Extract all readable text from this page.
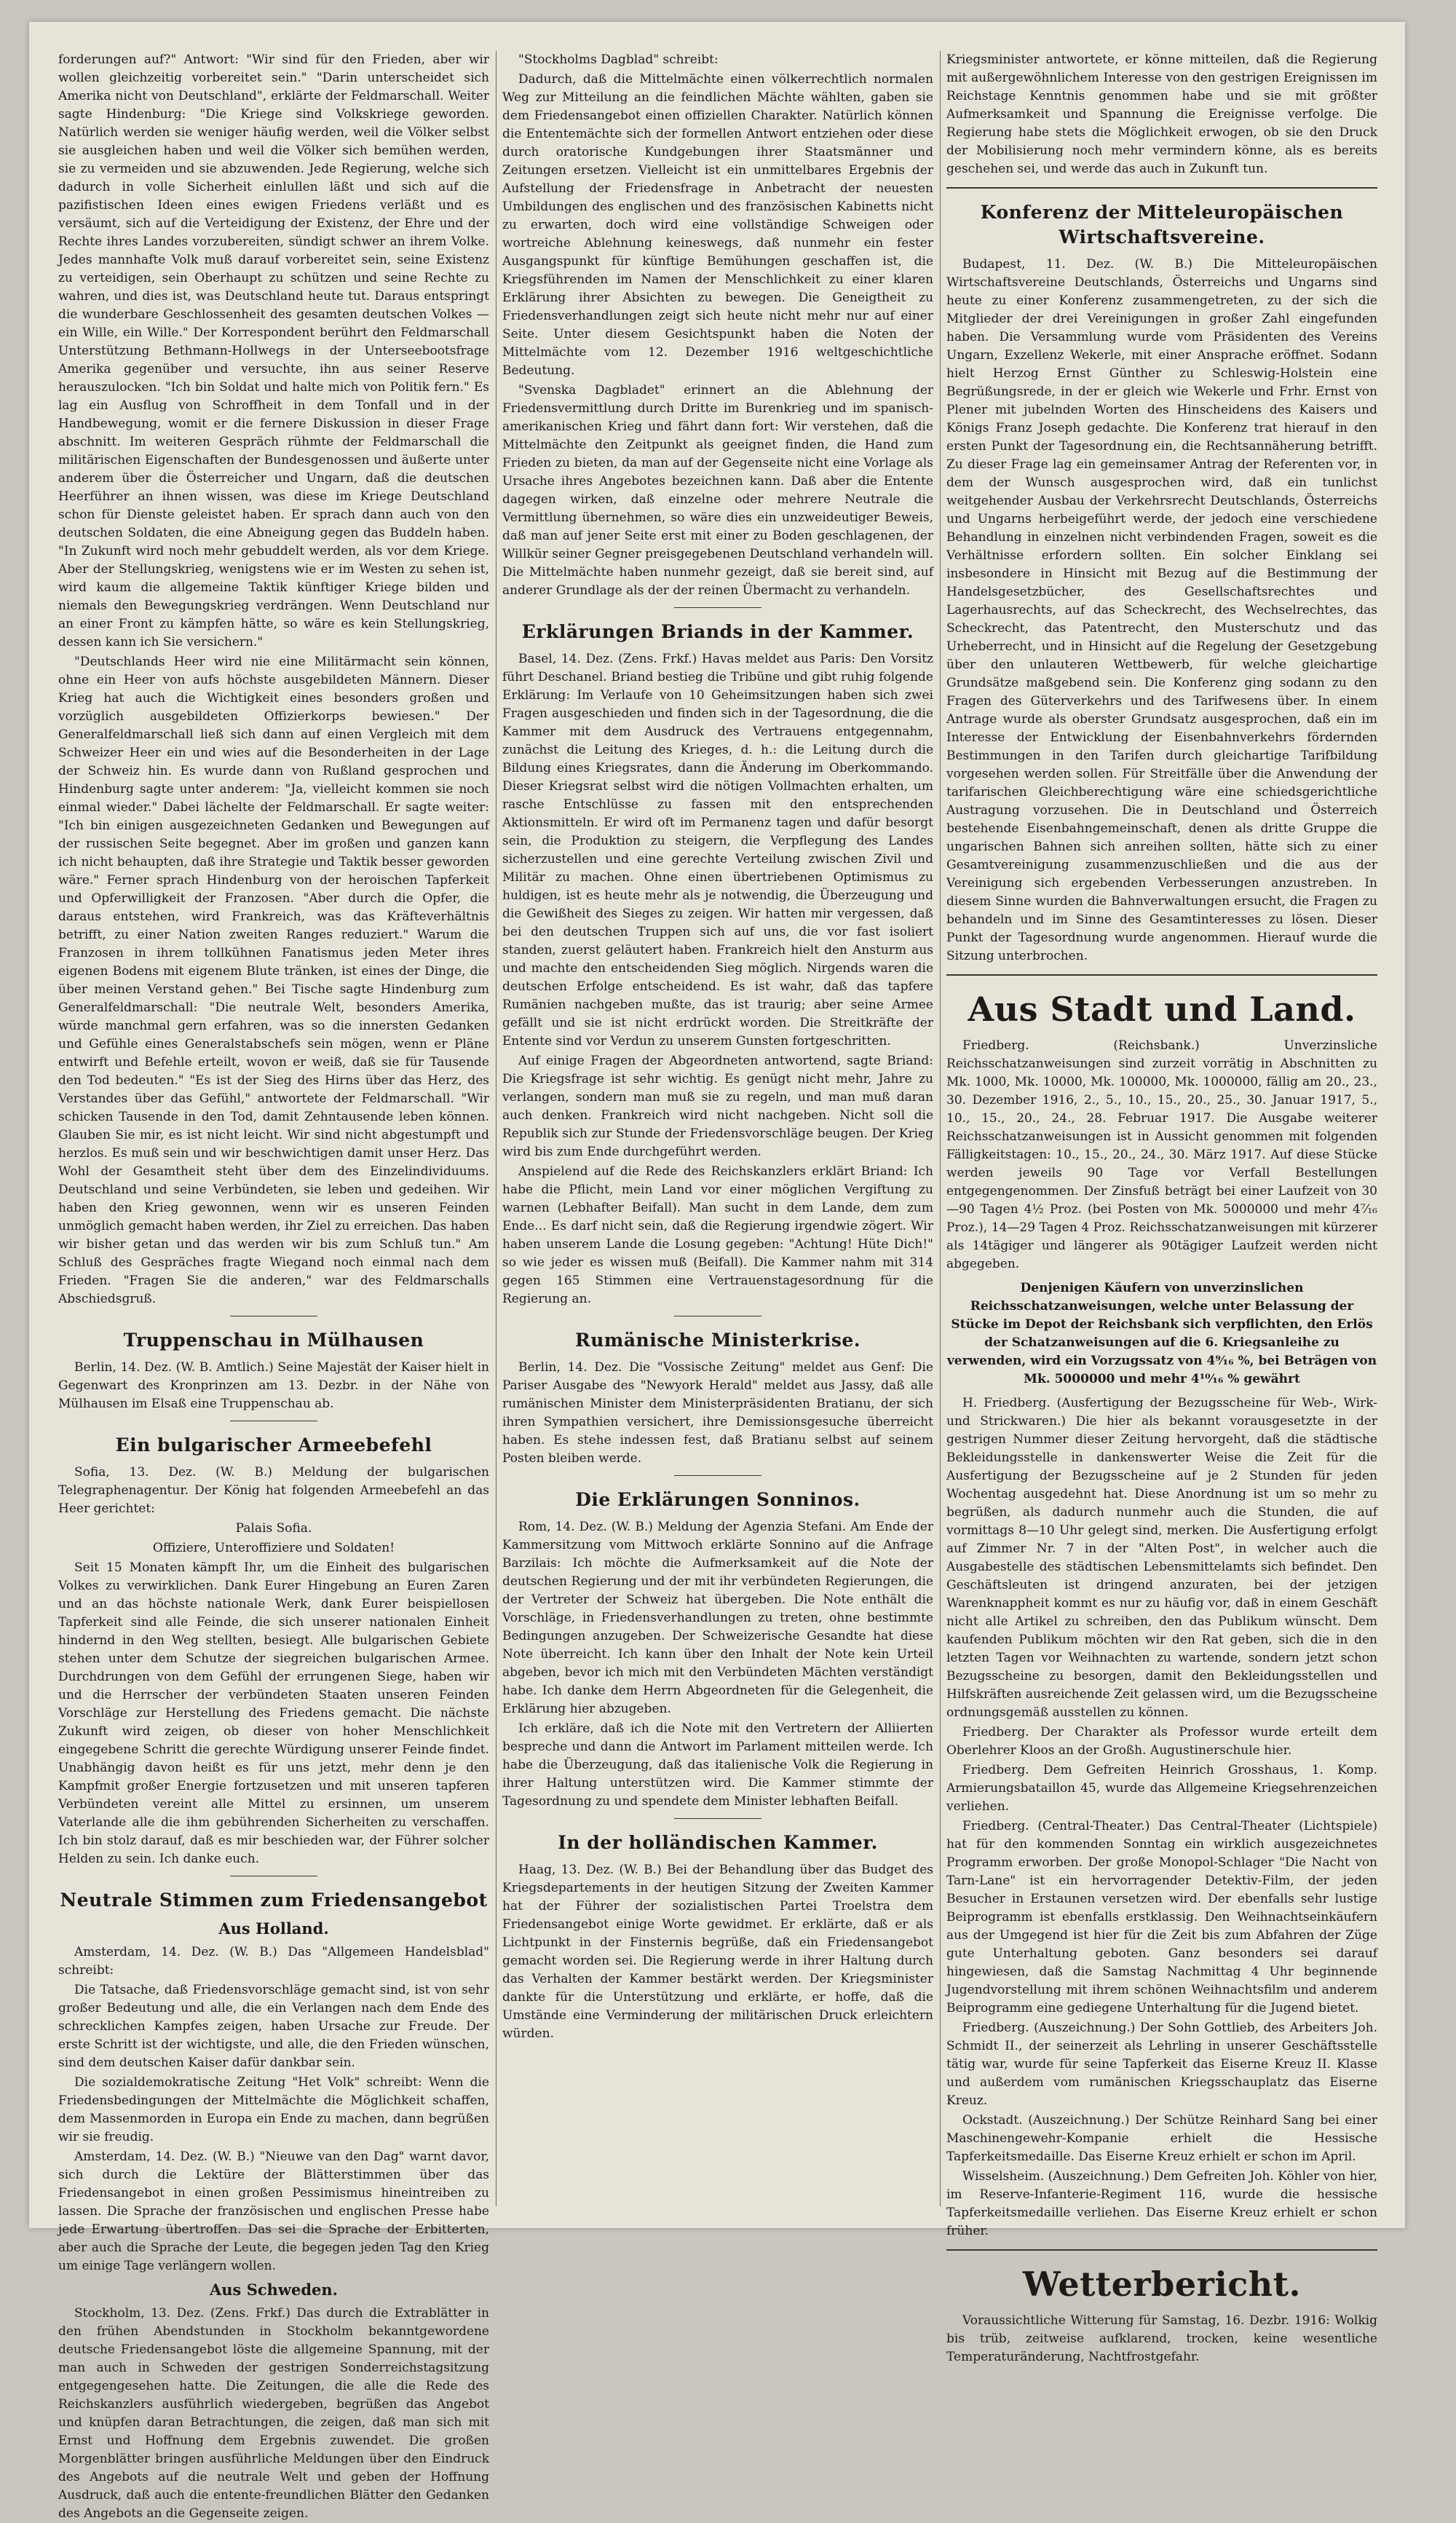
forderungen auf?" Antwort: "Wir sind für den Frieden, aber wir wollen gleichzeitig vorbereitet sein." "Darin unterscheidet sich Amerika nicht von Deutschland", erklärte der Feldmarschall. Weiter sagte Hindenburg: "Die Kriege sind Volkskriege geworden. Natürlich werden sie weniger häufig werden, weil die Völker selbst sie ausgleichen haben und weil die Völker sich bemühen werden, sie zu vermeiden und sie abzuwenden. Jede Regierung, welche sich dadurch in volle Sicherheit einlullen läßt und sich auf die pazifistischen Ideen eines ewigen Friedens verläßt und es versäumt, sich auf die Verteidigung der Existenz, der Ehre und der Rechte ihres Landes vorzubereiten, sündigt schwer an ihrem Volke. Jedes mannhafte Volk muß darauf vorbereitet sein, seine Existenz zu verteidigen, sein Oberhaupt zu schützen und seine Rechte zu wahren, und dies ist, was Deutschland heute tut. Daraus entspringt die wunderbare Geschlossenheit des gesamten deutschen Volkes — ein Wille, ein Wille." Der Korrespondent berührt den Feldmarschall Unterstützung Bethmann-Hollwegs in der Unterseebootsfrage Amerika gegenüber und versuchte, ihn aus seiner Reserve herauszulocken. "Ich bin Soldat und halte mich von Politik fern." Es lag ein Ausflug von Schroffheit in dem Tonfall und in der Handbewegung, womit er die fernere Diskussion in dieser Frage abschnitt. Im weiteren Gespräch rühmte der Feldmarschall die militärischen Eigenschaften der Bundesgenossen und äußerte unter anderem über die Österreicher und Ungarn, daß die deutschen Heerführer an ihnen wissen, was diese im Kriege Deutschland schon für Dienste geleistet haben. Er sprach dann auch von den deutschen Soldaten, die eine Abneigung gegen das Buddeln haben. "In Zukunft wird noch mehr gebuddelt werden, als vor dem Kriege. Aber der Stellungskrieg, wenigstens wie er im Westen zu sehen ist, wird kaum die allgemeine Taktik künftiger Kriege bilden und niemals den Bewegungskrieg verdrängen. Wenn Deutschland nur an einer Front zu kämpfen hätte, so wäre es kein Stellungskrieg, dessen kann ich Sie versichern."

"Deutschlands Heer wird nie eine Militärmacht sein können, ohne ein Heer von aufs höchste ausgebildeten Männern. Dieser Krieg hat auch die Wichtigkeit eines besonders großen und vorzüglich ausgebildeten Offizierkorps bewiesen." Der Generalfeldmarschall ließ sich dann auf einen Vergleich mit dem Schweizer Heer ein und wies auf die Besonderheiten in der Lage der Schweiz hin. Es wurde dann von Rußland gesprochen und Hindenburg sagte unter anderem: "Ja, vielleicht kommen sie noch einmal wieder." Dabei lächelte der Feldmarschall. Er sagte weiter: "Ich bin einigen ausgezeichneten Gedanken und Bewegungen auf der russischen Seite begegnet. Aber im großen und ganzen kann ich nicht behaupten, daß ihre Strategie und Taktik besser geworden wäre." Ferner sprach Hindenburg von der heroischen Tapferkeit und Opferwilligkeit der Franzosen. "Aber durch die Opfer, die daraus entstehen, wird Frankreich, was das Kräfteverhältnis betrifft, zu einer Nation zweiten Ranges reduziert." Warum die Franzosen in ihrem tollkühnen Fanatismus jeden Meter ihres eigenen Bodens mit eigenem Blute tränken, ist eines der Dinge, die über meinen Verstand gehen." Bei Tische sagte Hindenburg zum Generalfeldmarschall: "Die neutrale Welt, besonders Amerika, würde manchmal gern erfahren, was so die innersten Gedanken und Gefühle eines Generalstabschefs sein mögen, wenn er Pläne entwirft und Befehle erteilt, wovon er weiß, daß sie für Tausende den Tod bedeuten." "Es ist der Sieg des Hirns über das Herz, des Verstandes über das Gefühl," antwortete der Feldmarschall. "Wir schicken Tausende in den Tod, damit Zehntausende leben können. Glauben Sie mir, es ist nicht leicht. Wir sind nicht abgestumpft und herzlos. Es muß sein und wir beschwichtigen damit unser Herz. Das Wohl der Gesamtheit steht über dem des Einzelindividuums. Deutschland und seine Verbündeten, sie leben und gedeihen. Wir haben den Krieg gewonnen, wenn wir es unseren Feinden unmöglich gemacht haben werden, ihr Ziel zu erreichen. Das haben wir bisher getan und das werden wir bis zum Schluß tun." Am Schluß des Gespräches fragte Wiegand noch einmal nach dem Frieden. "Fragen Sie die anderen," war des Feldmarschalls Abschiedsgruß.

Truppenschau in Mülhausen

Berlin, 14. Dez. (W. B. Amtlich.) Seine Majestät der Kaiser hielt in Gegenwart des Kronprinzen am 13. Dezbr. in der Nähe von Mülhausen im Elsaß eine Truppenschau ab.

Ein bulgarischer Armeebefehl

Sofia, 13. Dez. (W. B.) Meldung der bulgarischen Telegraphenagentur. Der König hat folgenden Armeebefehl an das Heer gerichtet:

Palais Sofia.

Offiziere, Unteroffiziere und Soldaten!

Seit 15 Monaten kämpft Ihr, um die Einheit des bulgarischen Volkes zu verwirklichen. Dank Eurer Hingebung an Euren Zaren und an das höchste nationale Werk, dank Eurer beispiellosen Tapferkeit sind alle Feinde, die sich unserer nationalen Einheit hindernd in den Weg stellten, besiegt. Alle bulgarischen Gebiete stehen unter dem Schutze der siegreichen bulgarischen Armee. Durchdrungen von dem Gefühl der errungenen Siege, haben wir und die Herrscher der verbündeten Staaten unseren Feinden Vorschläge zur Herstellung des Friedens gemacht. Die nächste Zukunft wird zeigen, ob dieser von hoher Menschlichkeit eingegebene Schritt die gerechte Würdigung unserer Feinde findet. Unabhängig davon heißt es für uns jetzt, mehr denn je den Kampfmit großer Energie fortzusetzen und mit unseren tapferen Verbündeten vereint alle Mittel zu ersinnen, um unserem Vaterlande alle die ihm gebührenden Sicherheiten zu verschaffen. Ich bin stolz darauf, daß es mir beschieden war, der Führer solcher Helden zu sein. Ich danke euch.

Neutrale Stimmen zum Friedensangebot
Aus Holland.

Amsterdam, 14. Dez. (W. B.) Das "Allgemeen Handelsblad" schreibt:

Die Tatsache, daß Friedensvorschläge gemacht sind, ist von sehr großer Bedeutung und alle, die ein Verlangen nach dem Ende des schrecklichen Kampfes zeigen, haben Ursache zur Freude. Der erste Schritt ist der wichtigste, und alle, die den Frieden wünschen, sind dem deutschen Kaiser dafür dankbar sein.

Die sozialdemokratische Zeitung "Het Volk" schreibt: Wenn die Friedensbedingungen der Mittelmächte die Möglichkeit schaffen, dem Massenmorden in Europa ein Ende zu machen, dann begrüßen wir sie freudig.

Amsterdam, 14. Dez. (W. B.) "Nieuwe van den Dag" warnt davor, sich durch die Lektüre der Blätterstimmen über das Friedensangebot in einen großen Pessimismus hineintreiben zu lassen. Die Sprache der französischen und englischen Presse habe jede Erwartung übertroffen. Das sei die Sprache der Erbitterten, aber auch die Sprache der Leute, die begegen jeden Tag den Krieg um einige Tage verlängern wollen.

Aus Schweden.

Stockholm, 13. Dez. (Zens. Frkf.) Das durch die Extrablätter in den frühen Abendstunden in Stockholm bekanntgewordene deutsche Friedensangebot löste die allgemeine Spannung, mit der man auch in Schweden der gestrigen Sonderreichstagsitzung entgegengesehen hatte. Die Zeitungen, die alle die Rede des Reichskanzlers ausführlich wiedergeben, begrüßen das Angebot und knüpfen daran Betrachtungen, die zeigen, daß man sich mit Ernst und Hoffnung dem Ergebnis zuwendet. Die großen Morgenblätter bringen ausführliche Meldungen über den Eindruck des Angebots auf die neutrale Welt und geben der Hoffnung Ausdruck, daß auch die entente-freundlichen Blätter den Gedanken des Angebots an die Gegenseite zeigen.

"Stockholms Dagblad" schreibt:

Dadurch, daß die Mittelmächte einen völkerrechtlich normalen Weg zur Mitteilung an die feindlichen Mächte wählten, gaben sie dem Friedensangebot einen offiziellen Charakter. Natürlich können die Ententemächte sich der formellen Antwort entziehen oder diese durch oratorische Kundgebungen ihrer Staatsmänner und Zeitungen ersetzen. Vielleicht ist ein unmittelbares Ergebnis der Aufstellung der Friedensfrage in Anbetracht der neuesten Umbildungen des englischen und des französischen Kabinetts nicht zu erwarten, doch wird eine vollständige Schweigen oder wortreiche Ablehnung keineswegs, daß nunmehr ein fester Ausgangspunkt für künftige Bemühungen geschaffen ist, die Kriegsführenden im Namen der Menschlichkeit zu einer klaren Erklärung ihrer Absichten zu bewegen. Die Geneigtheit zu Friedensverhandlungen zeigt sich heute nicht mehr nur auf einer Seite. Unter diesem Gesichtspunkt haben die Noten der Mittelmächte vom 12. Dezember 1916 weltgeschichtliche Bedeutung.

"Svenska Dagbladet" erinnert an die Ablehnung der Friedensvermittlung durch Dritte im Burenkrieg und im spanisch-amerikanischen Krieg und fährt dann fort: Wir verstehen, daß die Mittelmächte den Zeitpunkt als geeignet finden, die Hand zum Frieden zu bieten, da man auf der Gegenseite nicht eine Vorlage als Ursache ihres Angebotes bezeichnen kann. Daß aber die Entente dagegen wirken, daß einzelne oder mehrere Neutrale die Vermittlung übernehmen, so wäre dies ein unzweideutiger Beweis, daß man auf jener Seite erst mit einer zu Boden geschlagenen, der Willkür seiner Gegner preisgegebenen Deutschland verhandeln will. Die Mittelmächte haben nunmehr gezeigt, daß sie bereit sind, auf anderer Grundlage als der der reinen Übermacht zu verhandeln.

Erklärungen Briands in der Kammer.

Basel, 14. Dez. (Zens. Frkf.) Havas meldet aus Paris: Den Vorsitz führt Deschanel. Briand bestieg die Tribüne und gibt ruhig folgende Erklärung: Im Verlaufe von 10 Geheimsitzungen haben sich zwei Fragen ausgeschieden und finden sich in der Tagesordnung, die die Kammer mit dem Ausdruck des Vertrauens entgegennahm, zunächst die Leitung des Krieges, d. h.: die Leitung durch die Bildung eines Kriegsrates, dann die Änderung im Oberkommando. Dieser Kriegsrat selbst wird die nötigen Vollmachten erhalten, um rasche Entschlüsse zu fassen mit den entsprechenden Aktionsmitteln. Er wird oft im Permanenz tagen und dafür besorgt sein, die Produktion zu steigern, die Verpflegung des Landes sicherzustellen und eine gerechte Verteilung zwischen Zivil und Militär zu machen. Ohne einen übertriebenen Optimismus zu huldigen, ist es heute mehr als je notwendig, die Überzeugung und die Gewißheit des Sieges zu zeigen. Wir hatten mir vergessen, daß bei den deutschen Truppen sich auf uns, die vor fast isoliert standen, zuerst geläutert haben. Frankreich hielt den Ansturm aus und machte den entscheidenden Sieg möglich. Nirgends waren die deutschen Erfolge entscheidend. Es ist wahr, daß das tapfere Rumänien nachgeben mußte, das ist traurig; aber seine Armee gefällt und sie ist nicht erdrückt worden. Die Streitkräfte der Entente sind vor Verdun zu unserem Gunsten fortgeschritten.

Auf einige Fragen der Abgeordneten antwortend, sagte Briand: Die Kriegsfrage ist sehr wichtig. Es genügt nicht mehr, Jahre zu verlangen, sondern man muß sie zu regeln, und man muß daran auch denken. Frankreich wird nicht nachgeben. Nicht soll die Republik sich zur Stunde der Friedensvorschläge beugen. Der Krieg wird bis zum Ende durchgeführt werden.

Anspielend auf die Rede des Reichskanzlers erklärt Briand: Ich habe die Pflicht, mein Land vor einer möglichen Vergiftung zu warnen (Lebhafter Beifall). Man sucht in dem Lande, dem zum Ende... Es darf nicht sein, daß die Regierung irgendwie zögert. Wir haben unserem Lande die Losung gegeben: "Achtung! Hüte Dich!" so wie jeder es wissen muß (Beifall). Die Kammer nahm mit 314 gegen 165 Stimmen eine Vertrauenstagesordnung für die Regierung an.

Rumänische Ministerkrise.

Berlin, 14. Dez. Die "Vossische Zeitung" meldet aus Genf: Die Pariser Ausgabe des "Newyork Herald" meldet aus Jassy, daß alle rumänischen Minister dem Ministerpräsidenten Bratianu, der sich ihren Sympathien versichert, ihre Demissionsgesuche überreicht haben. Es stehe indessen fest, daß Bratianu selbst auf seinem Posten bleiben werde.

Die Erklärungen Sonninos.

Rom, 14. Dez. (W. B.) Meldung der Agenzia Stefani. Am Ende der Kammersitzung vom Mittwoch erklärte Sonnino auf die Anfrage Barzilais: Ich möchte die Aufmerksamkeit auf die Note der deutschen Regierung und der mit ihr verbündeten Regierungen, die der Vertreter der Schweiz hat übergeben. Die Note enthält die Vorschläge, in Friedensverhandlungen zu treten, ohne bestimmte Bedingungen anzugeben. Der Schweizerische Gesandte hat diese Note überreicht. Ich kann über den Inhalt der Note kein Urteil abgeben, bevor ich mich mit den Verbündeten Mächten verständigt habe. Ich danke dem Herrn Abgeordneten für die Gelegenheit, die Erklärung hier abzugeben.

Ich erkläre, daß ich die Note mit den Vertretern der Alliierten bespreche und dann die Antwort im Parlament mitteilen werde. Ich habe die Überzeugung, daß das italienische Volk die Regierung in ihrer Haltung unterstützen wird. Die Kammer stimmte der Tagesordnung zu und spendete dem Minister lebhaften Beifall.

In der holländischen Kammer.

Haag, 13. Dez. (W. B.) Bei der Behandlung über das Budget des Kriegsdepartements in der heutigen Sitzung der Zweiten Kammer hat der Führer der sozialistischen Partei Troelstra dem Friedensangebot einige Worte gewidmet. Er erklärte, daß er als Lichtpunkt in der Finsternis begrüße, daß ein Friedensangebot gemacht worden sei. Die Regierung werde in ihrer Haltung durch das Verhalten der Kammer bestärkt werden. Der Kriegsminister dankte für die Unterstützung und erklärte, er hoffe, daß die Umstände eine Verminderung der militärischen Druck erleichtern würden.

Kriegsminister antwortete, er könne mitteilen, daß die Regierung mit außergewöhnlichem Interesse von den gestrigen Ereignissen im Reichstage Kenntnis genommen habe und sie mit größter Aufmerksamkeit und Spannung die Ereignisse verfolge. Die Regierung habe stets die Möglichkeit erwogen, ob sie den Druck der Mobilisierung noch mehr vermindern könne, als es bereits geschehen sei, und werde das auch in Zukunft tun.

Konferenz der Mitteleuropäischen Wirtschaftsvereine.

Budapest, 11. Dez. (W. B.) Die Mitteleuropäischen Wirtschaftsvereine Deutschlands, Österreichs und Ungarns sind heute zu einer Konferenz zusammengetreten, zu der sich die Mitglieder der drei Vereinigungen in großer Zahl eingefunden haben. Die Versammlung wurde vom Präsidenten des Vereins Ungarn, Exzellenz Wekerle, mit einer Ansprache eröffnet. Sodann hielt Herzog Ernst Günther zu Schleswig-Holstein eine Begrüßungsrede, in der er gleich wie Wekerle und Frhr. Ernst von Plener mit jubelnden Worten des Hinscheidens des Kaisers und Königs Franz Joseph gedachte. Die Konferenz trat hierauf in den ersten Punkt der Tagesordnung ein, die Rechtsannäherung betrifft. Zu dieser Frage lag ein gemeinsamer Antrag der Referenten vor, in dem der Wunsch ausgesprochen wird, daß ein tunlichst weitgehender Ausbau der Verkehrsrecht Deutschlands, Österreichs und Ungarns herbeigeführt werde, der jedoch eine verschiedene Behandlung in einzelnen nicht verbindenden Fragen, soweit es die Verhältnisse erfordern sollten. Ein solcher Einklang sei insbesondere in Hinsicht mit Bezug auf die Bestimmung der Handelsgesetzbücher, des Gesellschaftsrechtes und Lagerhausrechts, auf das Scheckrecht, des Wechselrechtes, das Scheckrecht, das Patentrecht, den Musterschutz und das Urheberrecht, und in Hinsicht auf die Regelung der Gesetzgebung über den unlauteren Wettbewerb, für welche gleichartige Grundsätze maßgebend sein. Die Konferenz ging sodann zu den Fragen des Güterverkehrs und des Tarifwesens über. In einem Antrage wurde als oberster Grundsatz ausgesprochen, daß ein im Interesse der Entwicklung der Eisenbahnverkehrs fördernden Bestimmungen in den Tarifen durch gleichartige Tarifbildung vorgesehen werden sollen. Für Streitfälle über die Anwendung der tarifarischen Gleichberechtigung wäre eine schiedsgerichtliche Austragung vorzusehen. Die in Deutschland und Österreich bestehende Eisenbahngemeinschaft, denen als dritte Gruppe die ungarischen Bahnen sich anreihen sollten, hätte sich zu einer Gesamtvereinigung zusammenzuschließen und die aus der Vereinigung sich ergebenden Verbesserungen anzustreben. In diesem Sinne wurden die Bahnverwaltungen ersucht, die Fragen zu behandeln und im Sinne des Gesamtinteresses zu lösen. Dieser Punkt der Tagesordnung wurde angenommen. Hierauf wurde die Sitzung unterbrochen.

Aus Stadt und Land.

Friedberg. (Reichsbank.) Unverzinsliche Reichsschatzanweisungen sind zurzeit vorrätig in Abschnitten zu Mk. 1000, Mk. 10000, Mk. 100000, Mk. 1000000, fällig am 20., 23., 30. Dezember 1916, 2., 5., 10., 15., 20., 25., 30. Januar 1917, 5., 10., 15., 20., 24., 28. Februar 1917. Die Ausgabe weiterer Reichsschatzanweisungen ist in Aussicht genommen mit folgenden Fälligkeitstagen: 10., 15., 20., 24., 30. März 1917. Auf diese Stücke werden jeweils 90 Tage vor Verfall Bestellungen entgegengenommen. Der Zinsfuß beträgt bei einer Laufzeit von 30—90 Tagen 4½ Proz. (bei Posten von Mk. 5000000 und mehr 4⁷⁄₁₆ Proz.), 14—29 Tagen 4 Proz. Reichsschatzanweisungen mit kürzerer als 14tägiger und längerer als 90tägiger Laufzeit werden nicht abgegeben.

Denjenigen Käufern von unverzinslichen Reichsschatzanweisungen, welche unter Belassung der Stücke im Depot der Reichsbank sich verpflichten, den Erlös der Schatzanweisungen auf die 6. Kriegsanleihe zu verwenden, wird ein Vorzugssatz von 4⁹⁄₁₆ %, bei Beträgen von Mk. 5000000 und mehr 4¹⁰⁄₁₆ % gewährt

H. Friedberg. (Ausfertigung der Bezugsscheine für Web-, Wirk- und Strickwaren.) Die hier als bekannt vorausgesetzte in der gestrigen Nummer dieser Zeitung hervorgeht, daß die städtische Bekleidungsstelle in dankenswerter Weise die Zeit für die Ausfertigung der Bezugsscheine auf je 2 Stunden für jeden Wochentag ausgedehnt hat. Diese Anordnung ist um so mehr zu begrüßen, als dadurch nunmehr auch die Stunden, die auf vormittags 8—10 Uhr gelegt sind, merken. Die Ausfertigung erfolgt auf Zimmer Nr. 7 in der "Alten Post", in welcher auch die Ausgabestelle des städtischen Lebensmittelamts sich befindet. Den Geschäftsleuten ist dringend anzuraten, bei der jetzigen Warenknappheit kommt es nur zu häufig vor, daß in einem Geschäft nicht alle Artikel zu schreiben, den das Publikum wünscht. Dem kaufenden Publikum möchten wir den Rat geben, sich die in den letzten Tagen vor Weihnachten zu wartende, sondern jetzt schon Bezugsscheine zu besorgen, damit den Bekleidungsstellen und Hilfskräften ausreichende Zeit gelassen wird, um die Bezugsscheine ordnungsgemäß ausstellen zu können.

Friedberg. Der Charakter als Professor wurde erteilt dem Oberlehrer Kloos an der Großh. Augustinerschule hier.

Friedberg. Dem Gefreiten Heinrich Grosshaus, 1. Komp. Armierungsbataillon 45, wurde das Allgemeine Kriegsehrenzeichen verliehen.

Friedberg. (Central-Theater.) Das Central-Theater (Lichtspiele) hat für den kommenden Sonntag ein wirklich ausgezeichnetes Programm erworben. Der große Monopol-Schlager "Die Nacht von Tarn-Lane" ist ein hervorragender Detektiv-Film, der jeden Besucher in Erstaunen versetzen wird. Der ebenfalls sehr lustige Beiprogramm ist ebenfalls erstklassig. Den Weihnachtseinkäufern aus der Umgegend ist hier für die Zeit bis zum Abfahren der Züge gute Unterhaltung geboten. Ganz besonders sei darauf hingewiesen, daß die Samstag Nachmittag 4 Uhr beginnende Jugendvorstellung mit ihrem schönen Weihnachtsfilm und anderem Beiprogramm eine gediegene Unterhaltung für die Jugend bietet.

Friedberg. (Auszeichnung.) Der Sohn Gottlieb, des Arbeiters Joh. Schmidt II., der seinerzeit als Lehrling in unserer Geschäftsstelle tätig war, wurde für seine Tapferkeit das Eiserne Kreuz II. Klasse und außerdem vom rumänischen Kriegsschauplatz das Eiserne Kreuz.

Ockstadt. (Auszeichnung.) Der Schütze Reinhard Sang bei einer Maschinengewehr-Kompanie erhielt die Hessische Tapferkeitsmedaille. Das Eiserne Kreuz erhielt er schon im April.

Wisselsheim. (Auszeichnung.) Dem Gefreiten Joh. Köhler von hier, im Reserve-Infanterie-Regiment 116, wurde die hessische Tapferkeitsmedaille verliehen. Das Eiserne Kreuz erhielt er schon früher.

Wetterbericht.

Voraussichtliche Witterung für Samstag, 16. Dezbr. 1916: Wolkig bis trüb, zeitweise aufklarend, trocken, keine wesentliche Temperaturänderung, Nachtfrostgefahr.
